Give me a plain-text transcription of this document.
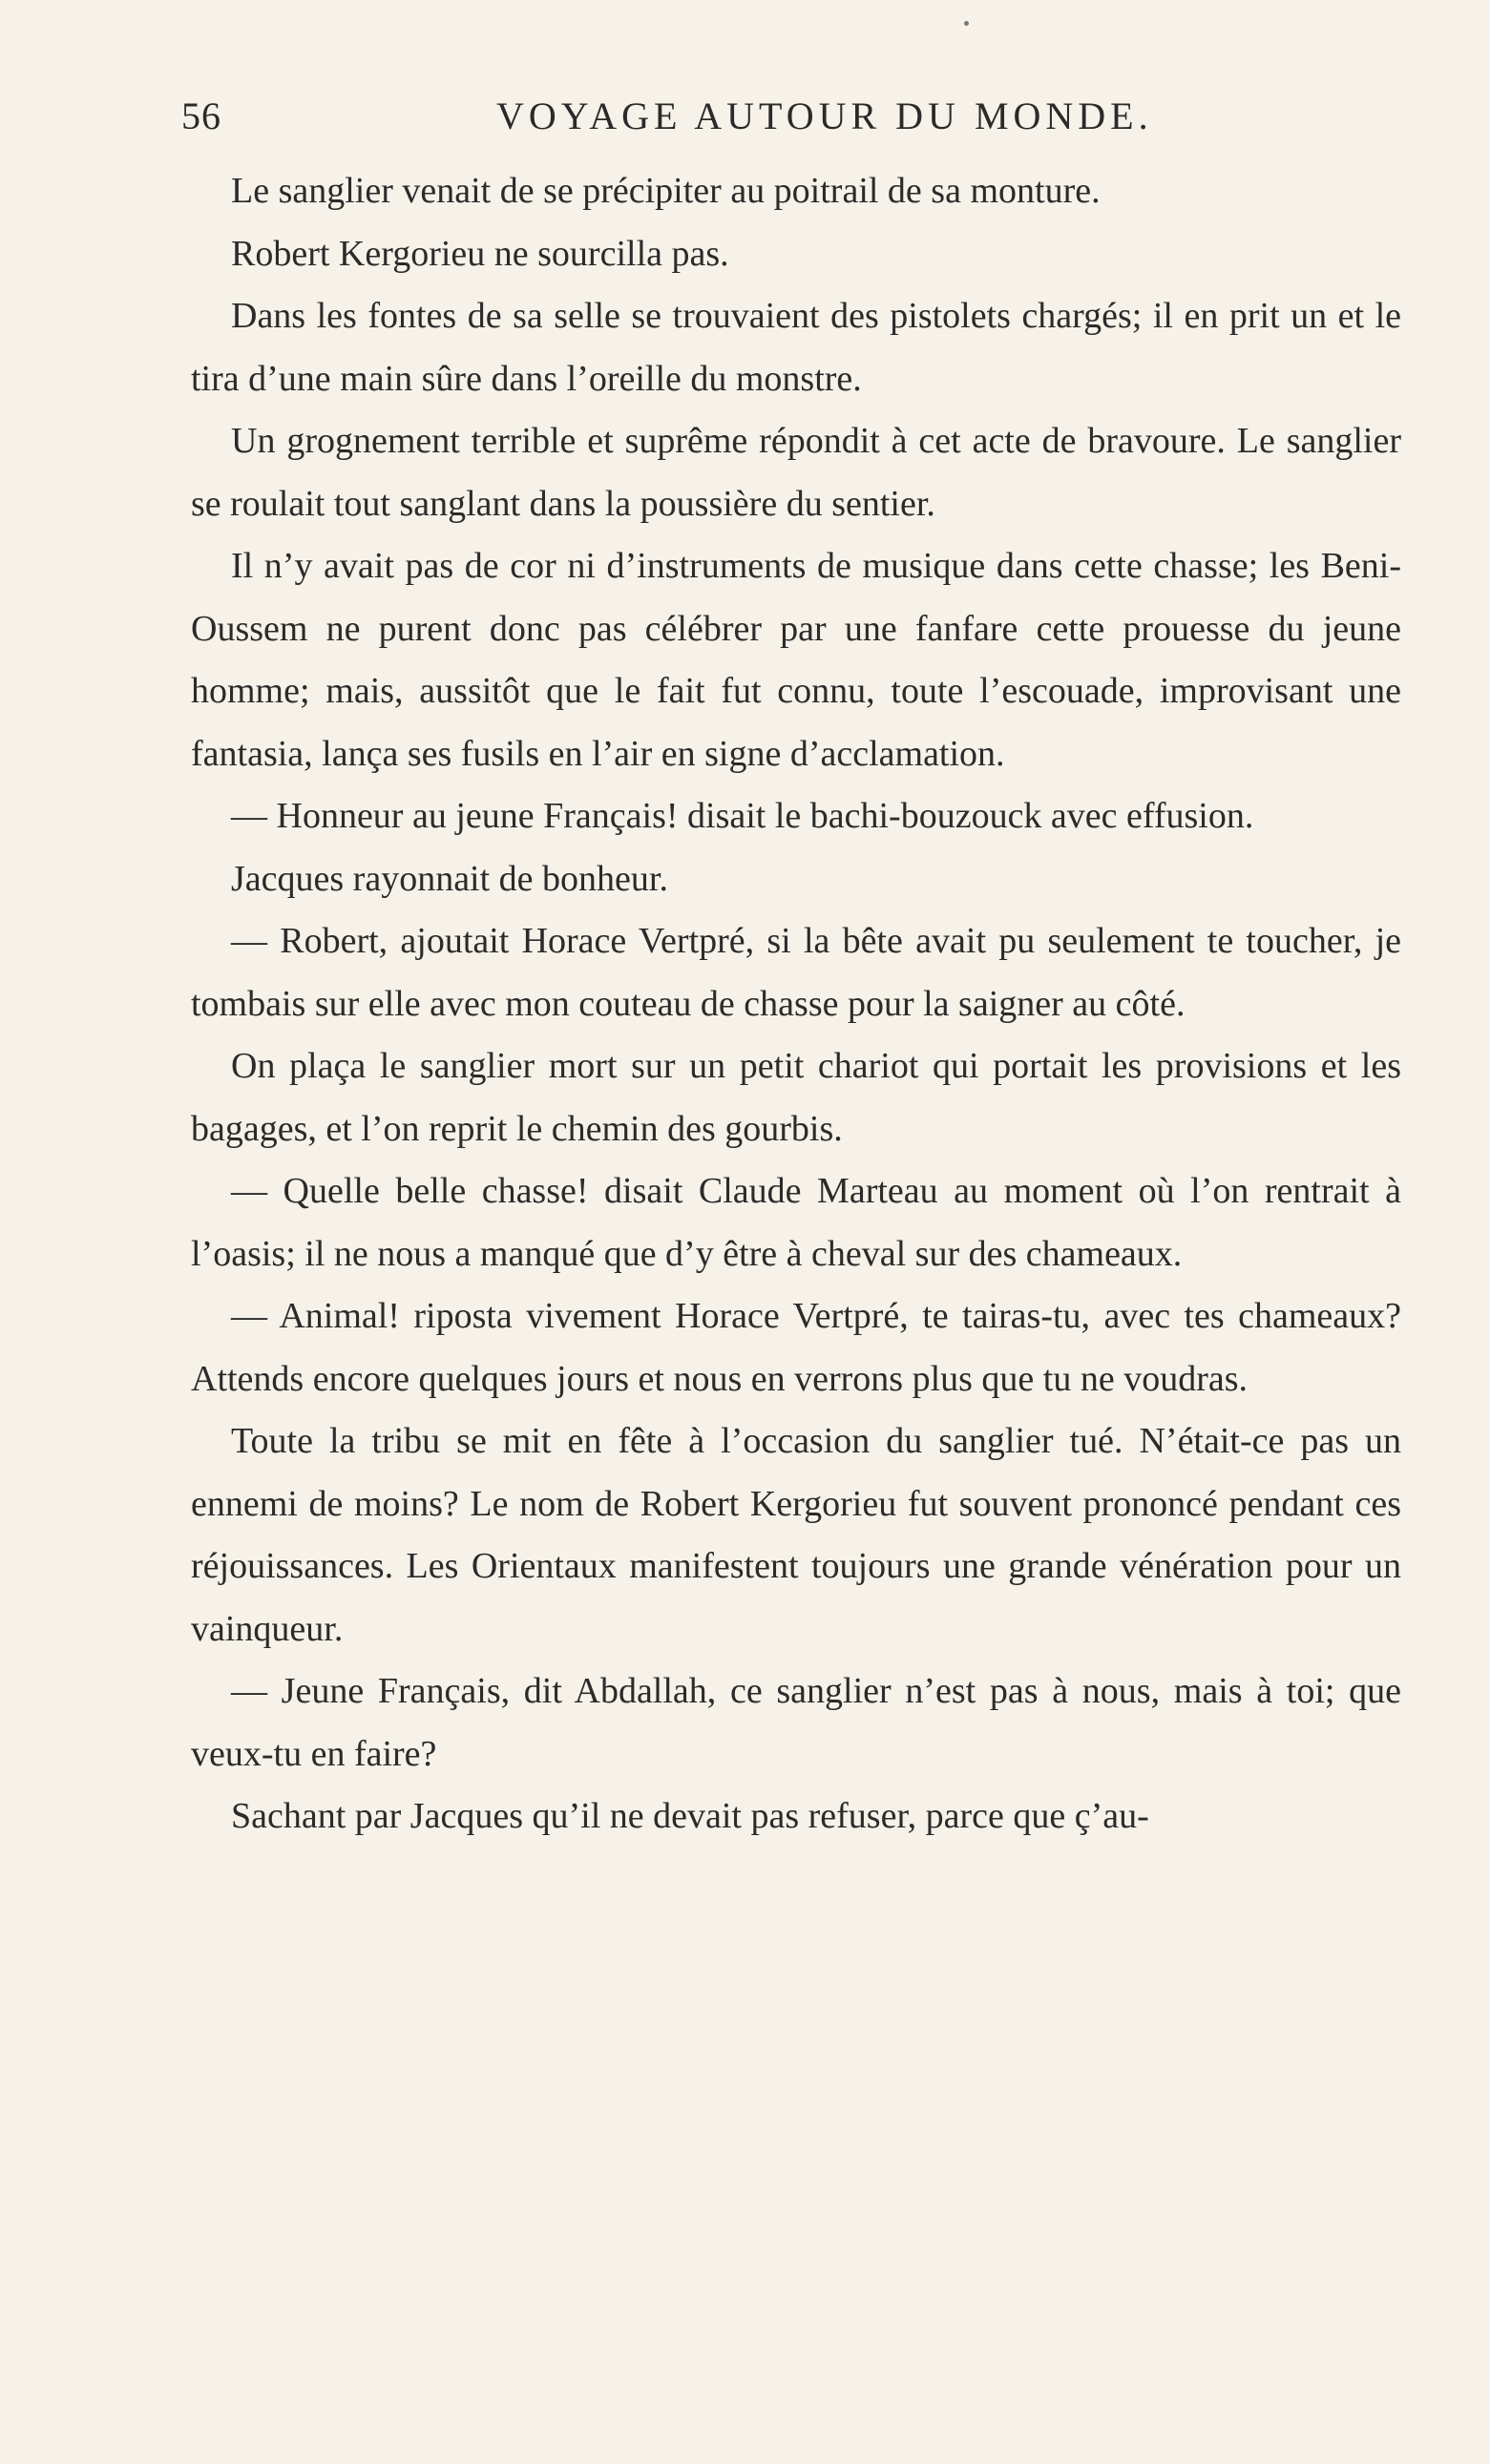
56	VOYAGE AUTOUR DU MONDE.

Le sanglier venait de se précipiter au poitrail de sa monture.

Robert Kergorieu ne sourcilla pas.

Dans les fontes de sa selle se trouvaient des pistolets chargés; il en prit un et le tira d’une main sûre dans l’oreille du monstre.

Un grognement terrible et suprême répondit à cet acte de bravoure. Le sanglier se roulait tout sanglant dans la poussière du sentier.

Il n’y avait pas de cor ni d’instruments de musique dans cette chasse; les Beni-Oussem ne purent donc pas célébrer par une fanfare cette prouesse du jeune homme; mais, aussitôt que le fait fut connu, toute l’escouade, improvisant une fantasia, lança ses fusils en l’air en signe d’acclamation.

— Honneur au jeune Français! disait le bachi-bouzouck avec effusion.

Jacques rayonnait de bonheur.

— Robert, ajoutait Horace Vertpré, si la bête avait pu seulement te toucher, je tombais sur elle avec mon couteau de chasse pour la saigner au côté.

On plaça le sanglier mort sur un petit chariot qui portait les provisions et les bagages, et l’on reprit le chemin des gourbis.

— Quelle belle chasse! disait Claude Marteau au moment où l’on rentrait à l’oasis; il ne nous a manqué que d’y être à cheval sur des chameaux.

— Animal! riposta vivement Horace Vertpré, te tairas-tu, avec tes chameaux? Attends encore quelques jours et nous en verrons plus que tu ne voudras.

Toute la tribu se mit en fête à l’occasion du sanglier tué. N’était-ce pas un ennemi de moins? Le nom de Robert Kergorieu fut souvent prononcé pendant ces réjouissances. Les Orientaux manifestent toujours une grande vénération pour un vainqueur.

— Jeune Français, dit Abdallah, ce sanglier n’est pas à nous, mais à toi; que veux-tu en faire?

Sachant par Jacques qu’il ne devait pas refuser, parce que ç’au-
